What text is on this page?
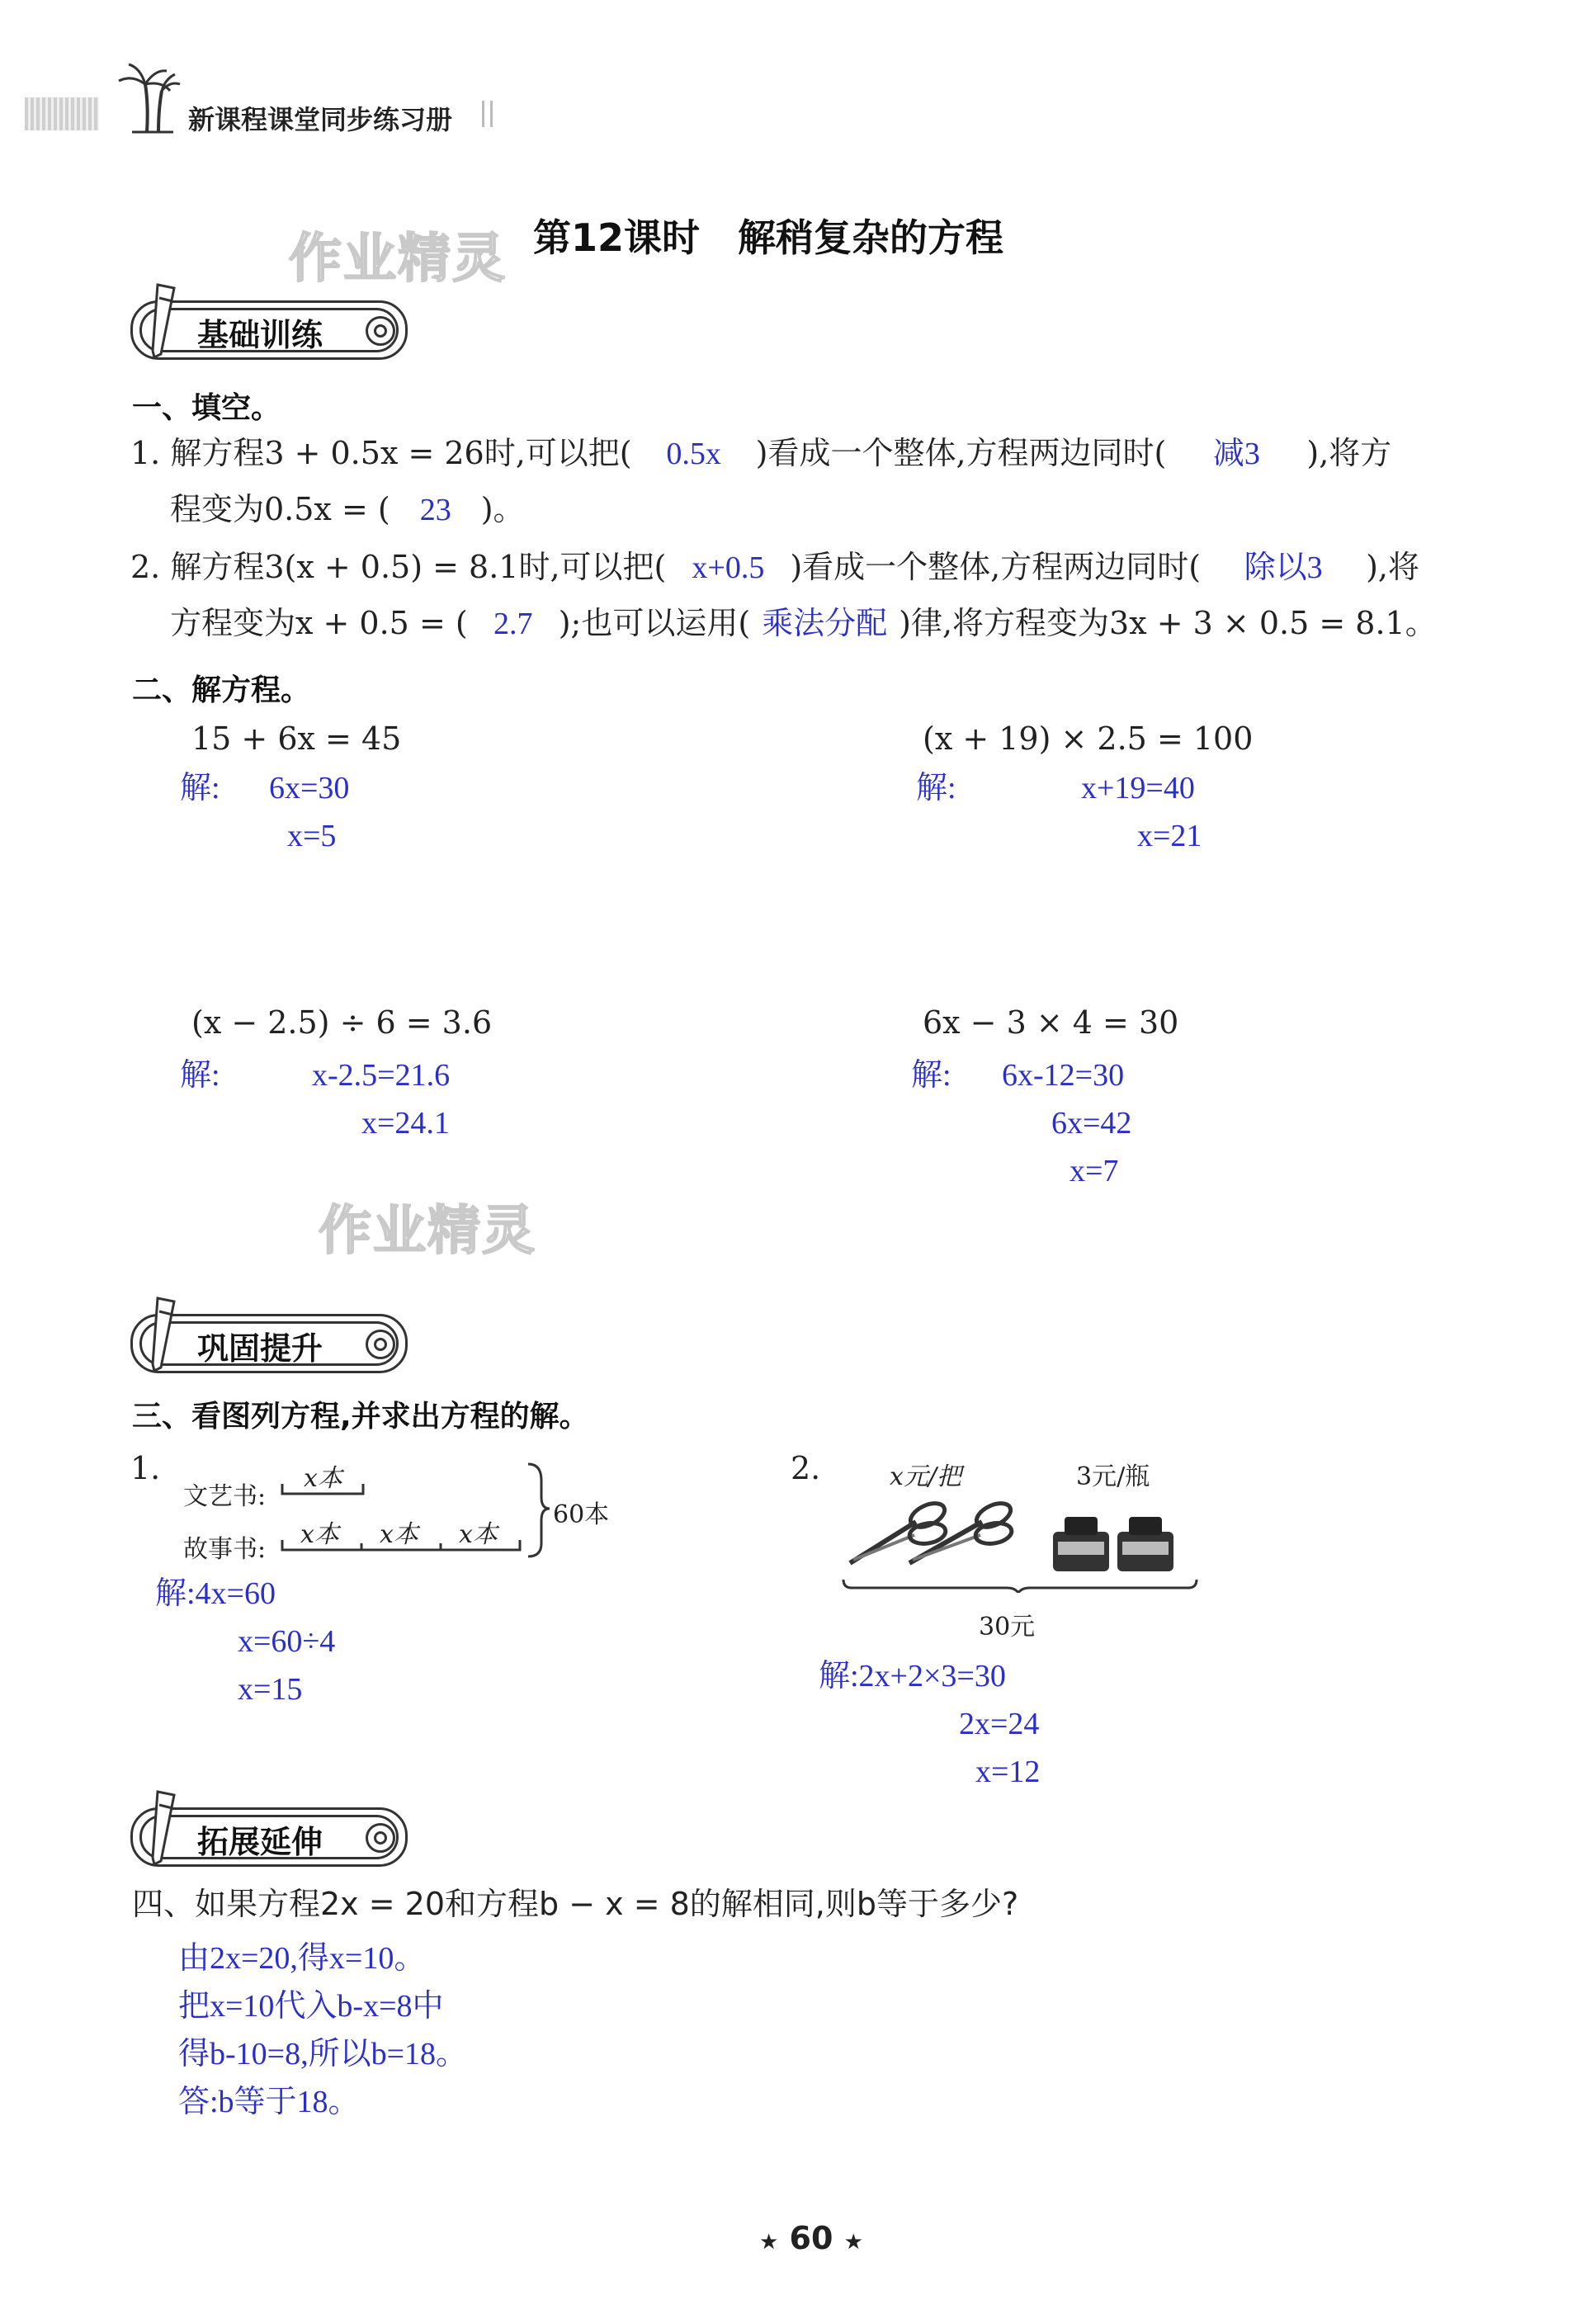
新课程课堂同步练习册
作业精灵 第12课时　解稍复杂的方程
基础训练
一、填空。
1. 解方程3 + 0.5x = 26时,可以把( 0.5x )看成一个整体,方程两边同时( 减3 ),将方
程变为0.5x = ( 23 )。
2. 解方程3(x + 0.5) = 8.1时,可以把( x+0.5 )看成一个整体,方程两边同时( 除以3 ),将
方程变为x + 0.5 = ( 2.7 );也可以运用( 乘法分配 )律,将方程变为3x + 3 × 0.5 = 8.1。
二、解方程。
15 + 6x = 45
解: 6x=30
x=5
(x + 19) × 2.5 = 100
解:	x+19=40
x=21
(x − 2.5) ÷ 6 = 3.6
解:	x-2.5=21.6
x=24.1
6x − 3 × 4 = 30
解: 6x-12=30
6x=42
x=7
作业精灵
巩固提升
三、看图列方程,并求出方程的解。
1.
文艺书:
故事书:
x本
x本 x本 x本
60本
解:4x=60
x=60÷4
x=15
2.	x元/把	3元/瓶
30元
解:2x+2×3=30
2x=24
x=12
拓展延伸
四、如果方程2x = 20和方程b − x = 8的解相同,则b等于多少?
由2x=20,得x=10。
把x=10代入b-x=8中
得b-10=8,所以b=18。
答:b等于18。
★ 60 ★
